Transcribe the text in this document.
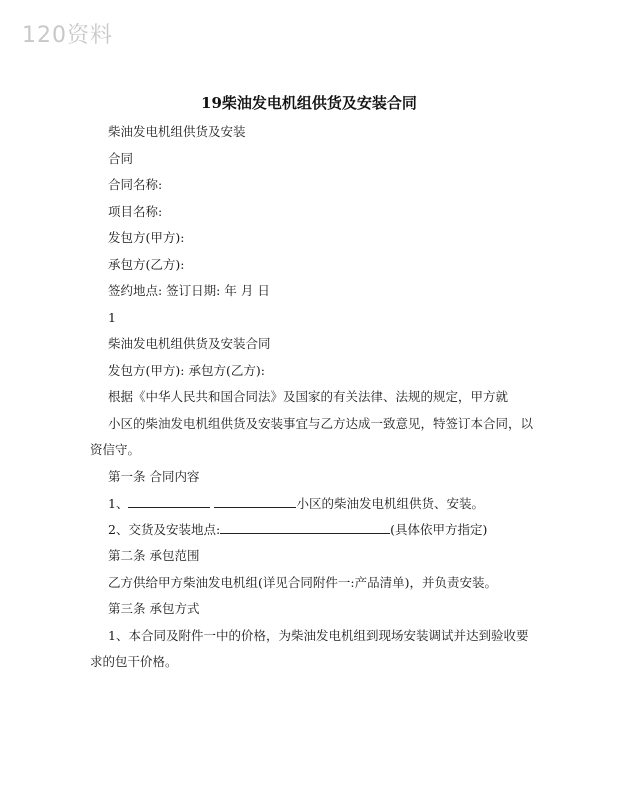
120资料
19柴油发电机组供货及安装合同
柴油发电机组供货及安装
合同
合同名称:
项目名称:
发包方(甲方):
承包方(乙方):
签约地点: 签订日期: 年 月 日
1
柴油发电机组供货及安装合同
发包方(甲方): 承包方(乙方):
根据《中华人民共和国合同法》及国家的有关法律、法规的规定，甲方就
小区的柴油发电机组供货及安装事宜与乙方达成一致意见，特签订本合同，以
资信守。
第一条 合同内容
1、	小区的柴油发电机组供货、安装。
2、交货及安装地点:	(具体依甲方指定)
第二条 承包范围
乙方供给甲方柴油发电机组(详见合同附件一:产品清单)，并负责安装。
第三条 承包方式
1、本合同及附件一中的价格，为柴油发电机组到现场安装调试并达到验收要
求的包干价格。
